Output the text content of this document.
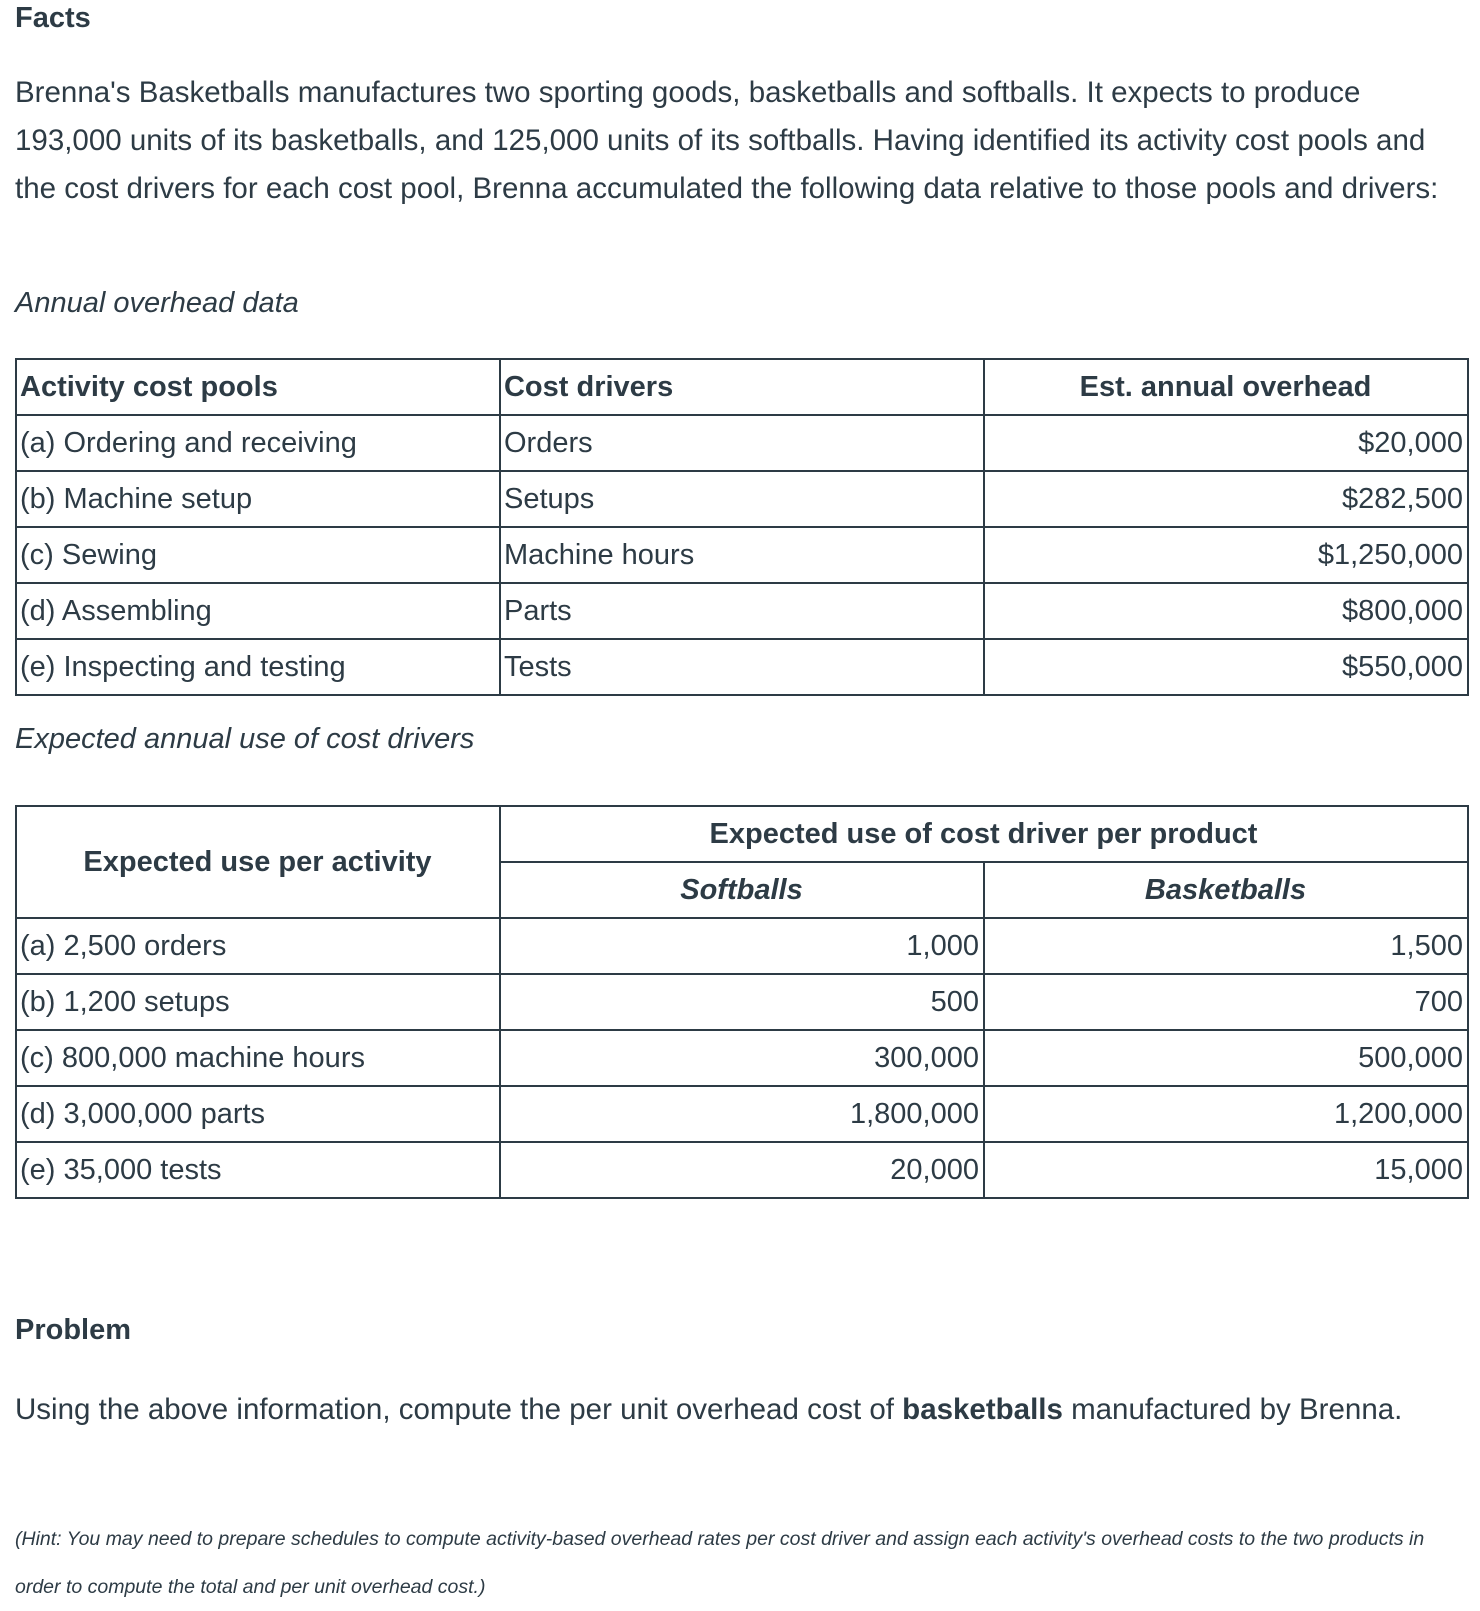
Facts

Brenna's Basketballs manufactures two sporting goods, basketballs and softballs. It expects to produce 193,000 units of its basketballs, and 125,000 units of its softballs. Having identified its activity cost pools and the cost drivers for each cost pool, Brenna accumulated the following data relative to those pools and drivers:

Annual overhead data

Activity cost pools	Cost drivers	Est. annual overhead
(a) Ordering and receiving	Orders	$20,000
(b) Machine setup	Setups	$282,500
(c) Sewing	Machine hours	$1,250,000
(d) Assembling	Parts	$800,000
(e) Inspecting and testing	Tests	$550,000

Expected annual use of cost drivers

Expected use per activity	Expected use of cost driver per product	
	Softballs	Basketballs
(a) 2,500 orders	1,000	1,500
(b) 1,200 setups	500	700
(c) 800,000 machine hours	300,000	500,000
(d) 3,000,000 parts	1,800,000	1,200,000
(e) 35,000 tests	20,000	15,000
Problem

Using the above information, compute the per unit overhead cost of basketballs manufactured by Brenna.

(Hint: You may need to prepare schedules to compute activity-based overhead rates per cost driver and assign each activity's overhead costs to the two products in order to compute the total and per unit overhead cost.)
